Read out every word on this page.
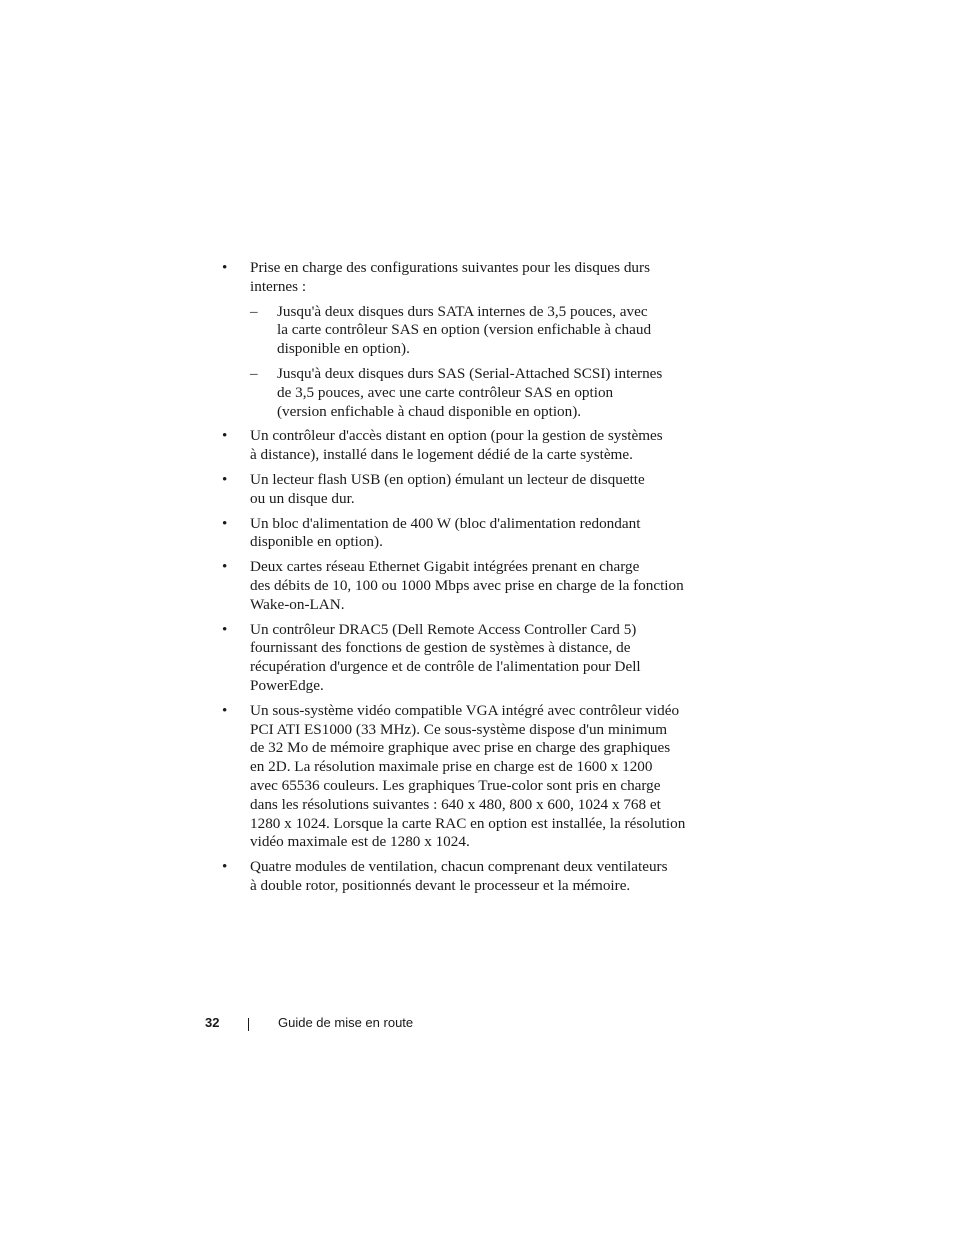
• Prise en charge des configurations suivantes pour les disques durs
internes :
– Jusqu'à deux disques durs SATA internes de 3,5 pouces, avec
la carte contrôleur SAS en option (version enfichable à chaud
disponible en option).
– Jusqu'à deux disques durs SAS (Serial-Attached SCSI) internes
de 3,5 pouces, avec une carte contrôleur SAS en option
(version enfichable à chaud disponible en option).
• Un contrôleur d'accès distant en option (pour la gestion de systèmes
à distance), installé dans le logement dédié de la carte système.
• Un lecteur flash USB (en option) émulant un lecteur de disquette
ou un disque dur.
• Un bloc d'alimentation de 400 W (bloc d'alimentation redondant
disponible en option).
• Deux cartes réseau Ethernet Gigabit intégrées prenant en charge
des débits de 10, 100 ou 1000 Mbps avec prise en charge de la fonction
Wake-on-LAN.
• Un contrôleur DRAC5 (Dell Remote Access Controller Card 5)
fournissant des fonctions de gestion de systèmes à distance, de
récupération d'urgence et de contrôle de l'alimentation pour Dell
PowerEdge.
• Un sous-système vidéo compatible VGA intégré avec contrôleur vidéo
PCI ATI ES1000 (33 MHz). Ce sous-système dispose d'un minimum
de 32 Mo de mémoire graphique avec prise en charge des graphiques
en 2D. La résolution maximale prise en charge est de 1600 x 1200
avec 65536 couleurs. Les graphiques True-color sont pris en charge
dans les résolutions suivantes : 640 x 480, 800 x 600, 1024 x 768 et
1280 x 1024. Lorsque la carte RAC en option est installée, la résolution
vidéo maximale est de 1280 x 1024.
• Quatre modules de ventilation, chacun comprenant deux ventilateurs
à double rotor, positionnés devant le processeur et la mémoire.
32	Guide de mise en route
